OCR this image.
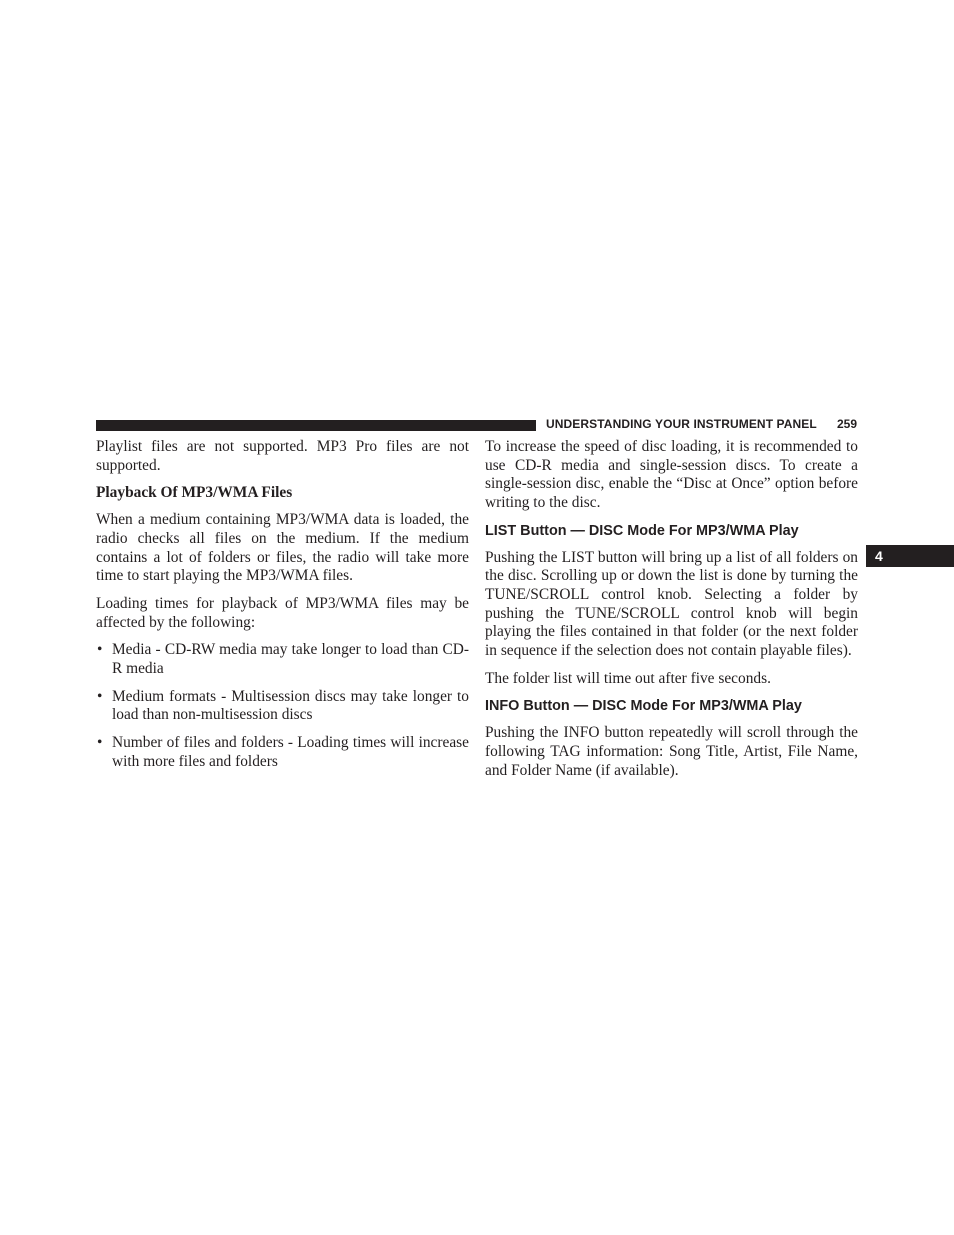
UNDERSTANDING YOUR INSTRUMENT PANEL 259
4

Playlist files are not supported. MP3 Pro files are not supported.

Playback Of MP3/WMA Files

When a medium containing MP3/WMA data is loaded, the radio checks all files on the medium. If the medium contains a lot of folders or files, the radio will take more time to start playing the MP3/WMA files.

Loading times for playback of MP3/WMA files may be affected by the following:

• Media - CD-RW media may take longer to load than CD-R media
• Medium formats - Multisession discs may take longer to load than non-multisession discs
• Number of files and folders - Loading times will increase with more files and folders

To increase the speed of disc loading, it is recommended to use CD-R media and single-session discs. To create a single-session disc, enable the “Disc at Once” option before writing to the disc.

LIST Button — DISC Mode For MP3/WMA Play

Pushing the LIST button will bring up a list of all folders on the disc. Scrolling up or down the list is done by turning the TUNE/SCROLL control knob. Selecting a folder by pushing the TUNE/SCROLL control knob will begin playing the files contained in that folder (or the next folder in sequence if the selection does not contain playable files).

The folder list will time out after five seconds.

INFO Button — DISC Mode For MP3/WMA Play

Pushing the INFO button repeatedly will scroll through the following TAG information: Song Title, Artist, File Name, and Folder Name (if available).
